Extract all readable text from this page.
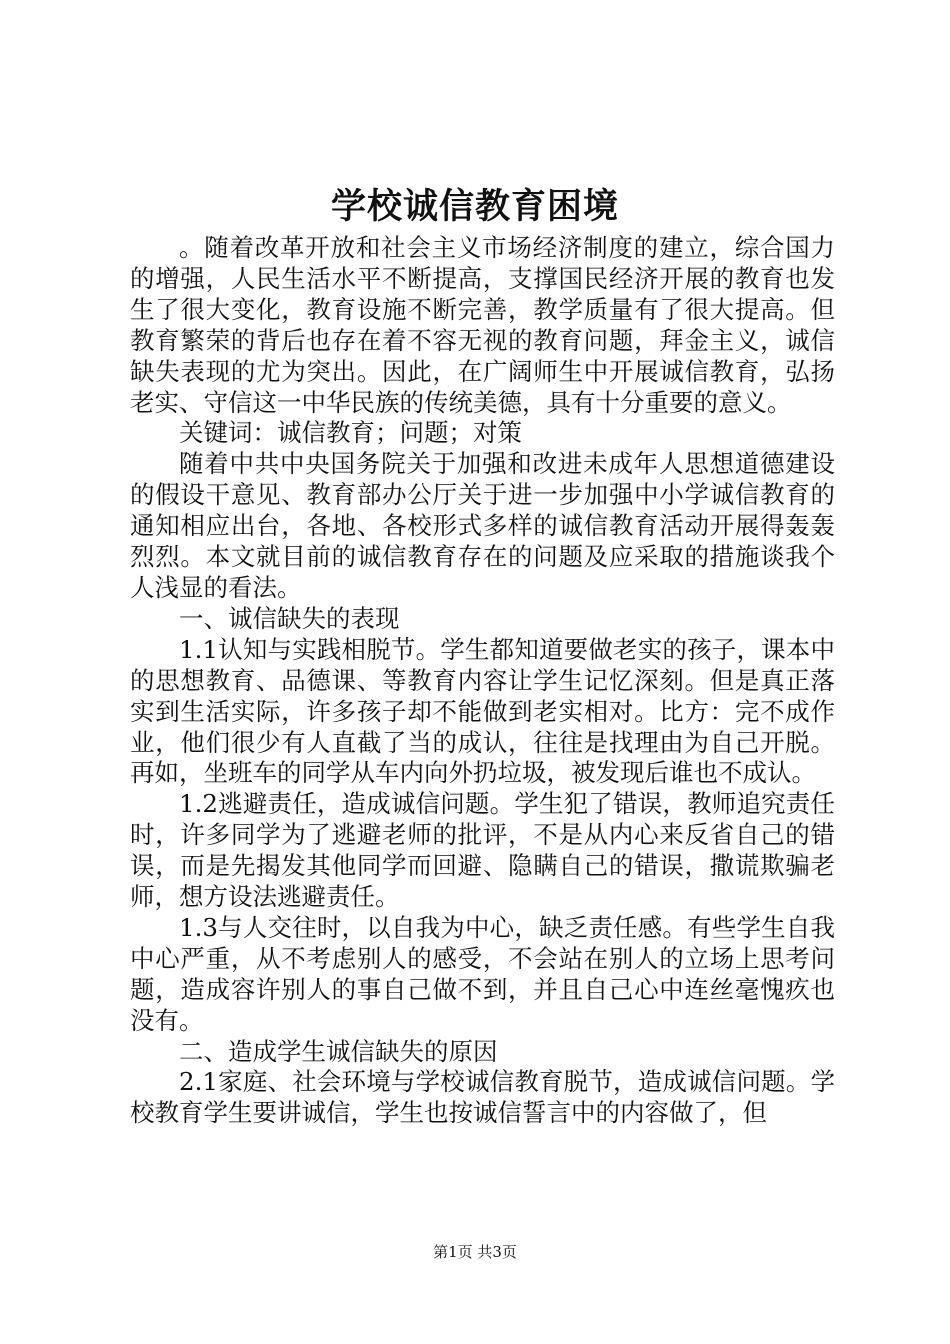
学校诚信教育困境

。随着改革开放和社会主义市场经济制度的建立，综合国力的增强，人民生活水平不断提高，支撑国民经济开展的教育也发生了很大变化，教育设施不断完善，教学质量有了很大提高。但教育繁荣的背后也存在着不容无视的教育问题，拜金主义，诚信缺失表现的尤为突出。因此，在广阔师生中开展诚信教育，弘扬老实、守信这一中华民族的传统美德，具有十分重要的意义。

关键词：诚信教育；问题；对策

随着中共中央国务院关于加强和改进未成年人思想道德建设的假设干意见、教育部办公厅关于进一步加强中小学诚信教育的通知相应出台，各地、各校形式多样的诚信教育活动开展得轰轰烈烈。本文就目前的诚信教育存在的问题及应采取的措施谈我个人浅显的看法。

一、诚信缺失的表现

1.1认知与实践相脱节。学生都知道要做老实的孩子，课本中的思想教育、品德课、等教育内容让学生记忆深刻。但是真正落实到生活实际，许多孩子却不能做到老实相对。比方：完不成作业，他们很少有人直截了当的成认，往往是找理由为自己开脱。再如，坐班车的同学从车内向外扔垃圾，被发现后谁也不成认。

1.2逃避责任，造成诚信问题。学生犯了错误，教师追究责任时，许多同学为了逃避老师的批评，不是从内心来反省自己的错误，而是先揭发其他同学而回避、隐瞒自己的错误，撒谎欺骗老师，想方设法逃避责任。

1.3与人交往时，以自我为中心，缺乏责任感。有些学生自我中心严重，从不考虑别人的感受，不会站在别人的立场上思考问题，造成容许别人的事自己做不到，并且自己心中连丝毫愧疚也没有。

二、造成学生诚信缺失的原因

2.1家庭、社会环境与学校诚信教育脱节，造成诚信问题。学校教育学生要讲诚信，学生也按诚信誓言中的内容做了，但

第1页 共3页
